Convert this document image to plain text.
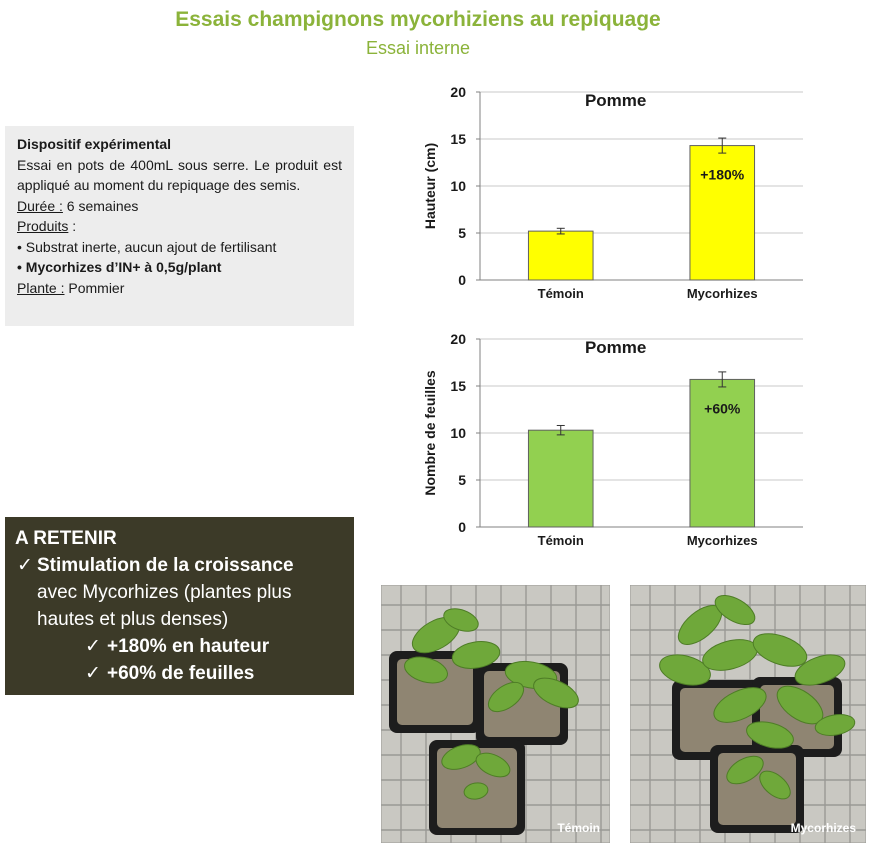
Essais champignons mycorhiziens au repiquage
Essai interne
Dispositif expérimental
Essai en pots de 400mL sous serre. Le produit est appliqué au moment du repiquage des semis.
Durée : 6 semaines
Produits :
• Substrat inerte, aucun ajout de fertilisant
• Mycorhizes d’IN+ à 0,5g/plant
Plante : Pommier
A RETENIR
✓ Stimulation de la croissance
avec Mycorhizes (plantes plus
hautes et plus denses)
✓ +180% en hauteur
✓ +60% de feuilles
0
5
10
15
20
Hauteur (cm)
Pomme
Témoin	Mycorhizes
+180%
0
5
10
15
20
Nombre de feuilles
Pomme
Témoin	Mycorhizes
+60%
Témoin	Mycorhizes
